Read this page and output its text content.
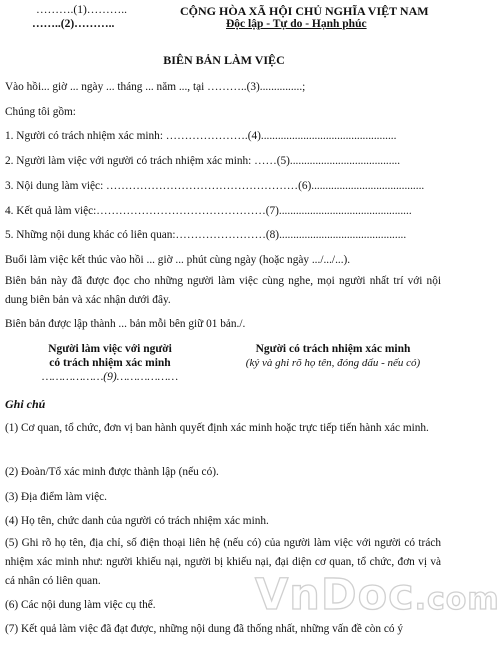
……….(1)………..
……..(2)………..
CỘNG HÒA XÃ HỘI CHỦ NGHĨA VIỆT NAM
Độc lập - Tự do - Hạnh phúc
BIÊN BẢN LÀM VIỆC
Vào hồi... giờ ... ngày ... tháng ... năm ..., tại ………..(3)...............;
Chúng tôi gồm:
1. Người có trách nhiệm xác minh: ………………….(4)................................................
2. Người làm việc với người có trách nhiệm xác minh: ……(5).......................................
3. Nội dung làm việc: ……………………………………………(6)........................................
4. Kết quả làm việc:………………………………………(7)...............................................
5. Những nội dung khác có liên quan:……………………(8).............................................
Buổi làm việc kết thúc vào hồi ... giờ ... phút cùng ngày (hoặc ngày .../.../...).
Biên bản này đã được đọc cho những người làm việc cùng nghe, mọi người nhất trí với nội dung biên bản và xác nhận dưới đây.
Biên bản được lập thành ... bản mỗi bên giữ 01 bản./.
Người làm việc với người
có trách nhiệm xác minh
………………(9)………………
Người có trách nhiệm xác minh
(ký và ghi rõ họ tên, đóng dấu - nếu có)
Ghi chú
(1) Cơ quan, tổ chức, đơn vị ban hành quyết định xác minh hoặc trực tiếp tiến hành xác minh.
(2) Đoàn/Tổ xác minh được thành lập (nếu có).
(3) Địa điểm làm việc.
(4) Họ tên, chức danh của người có trách nhiệm xác minh.
(5) Ghi rõ họ tên, địa chỉ, số điện thoại liên hệ (nếu có) của người làm việc với người có trách nhiệm xác minh như: người khiếu nại, người bị khiếu nại, đại diện cơ quan, tổ chức, đơn vị và cá nhân có liên quan.
(6) Các nội dung làm việc cụ thể.
(7) Kết quả làm việc đã đạt được, những nội dung đã thống nhất, những vấn đề còn có ý
VnDoc.com
